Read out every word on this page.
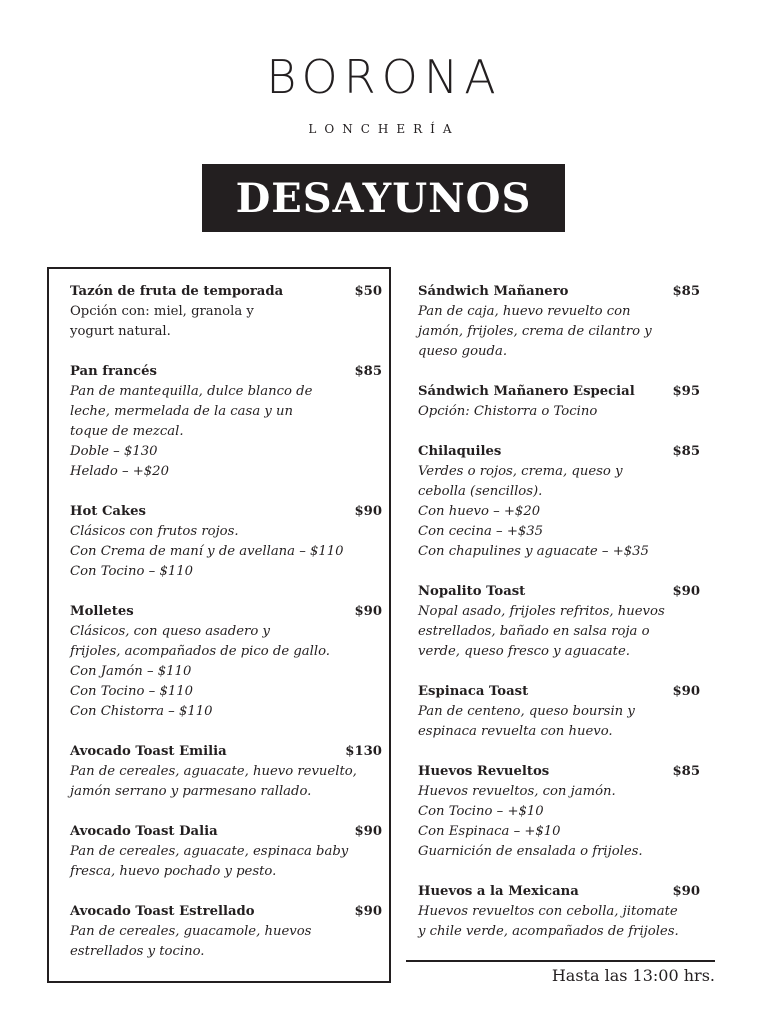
BORONA
LONCHERÍA
DESAYUNOS
Tazón de fruta de temporada	$50
Opción con: miel, granola y
yogurt natural.
Pan francés	$85
Pan de mantequilla, dulce blanco de
leche, mermelada de la casa y un
toque de mezcal.
Doble – $130
Helado – +$20
Hot Cakes	$90
Clásicos con frutos rojos.
Con Crema de maní y de avellana – $110
Con Tocino – $110
Molletes	$90
Clásicos, con queso asadero y
frijoles, acompañados de pico de gallo.
Con Jamón – $110
Con Tocino – $110
Con Chistorra – $110
Avocado Toast Emilia	$130
Pan de cereales, aguacate, huevo revuelto,
jamón serrano y parmesano rallado.
Avocado Toast Dalia	$90
Pan de cereales, aguacate, espinaca baby
fresca, huevo pochado y pesto.
Avocado Toast Estrellado	$90
Pan de cereales, guacamole, huevos
estrellados y tocino.
Sándwich Mañanero	$85
Pan de caja, huevo revuelto con
jamón, frijoles, crema de cilantro y
queso gouda.
Sándwich Mañanero Especial	$95
Opción: Chistorra o Tocino
Chilaquiles	$85
Verdes o rojos, crema, queso y
cebolla (sencillos).
Con huevo – +$20
Con cecina – +$35
Con chapulines y aguacate – +$35
Nopalito Toast	$90
Nopal asado, frijoles refritos, huevos
estrellados, bañado en salsa roja o
verde, queso fresco y aguacate.
Espinaca Toast	$90
Pan de centeno, queso boursin y
espinaca revuelta con huevo.
Huevos Revueltos	$85
Huevos revueltos, con jamón.
Con Tocino – +$10
Con Espinaca – +$10
Guarnición de ensalada o frijoles.
Huevos a la Mexicana	$90
Huevos revueltos con cebolla, jitomate
y chile verde, acompañados de frijoles.
Hasta las 13:00 hrs.
